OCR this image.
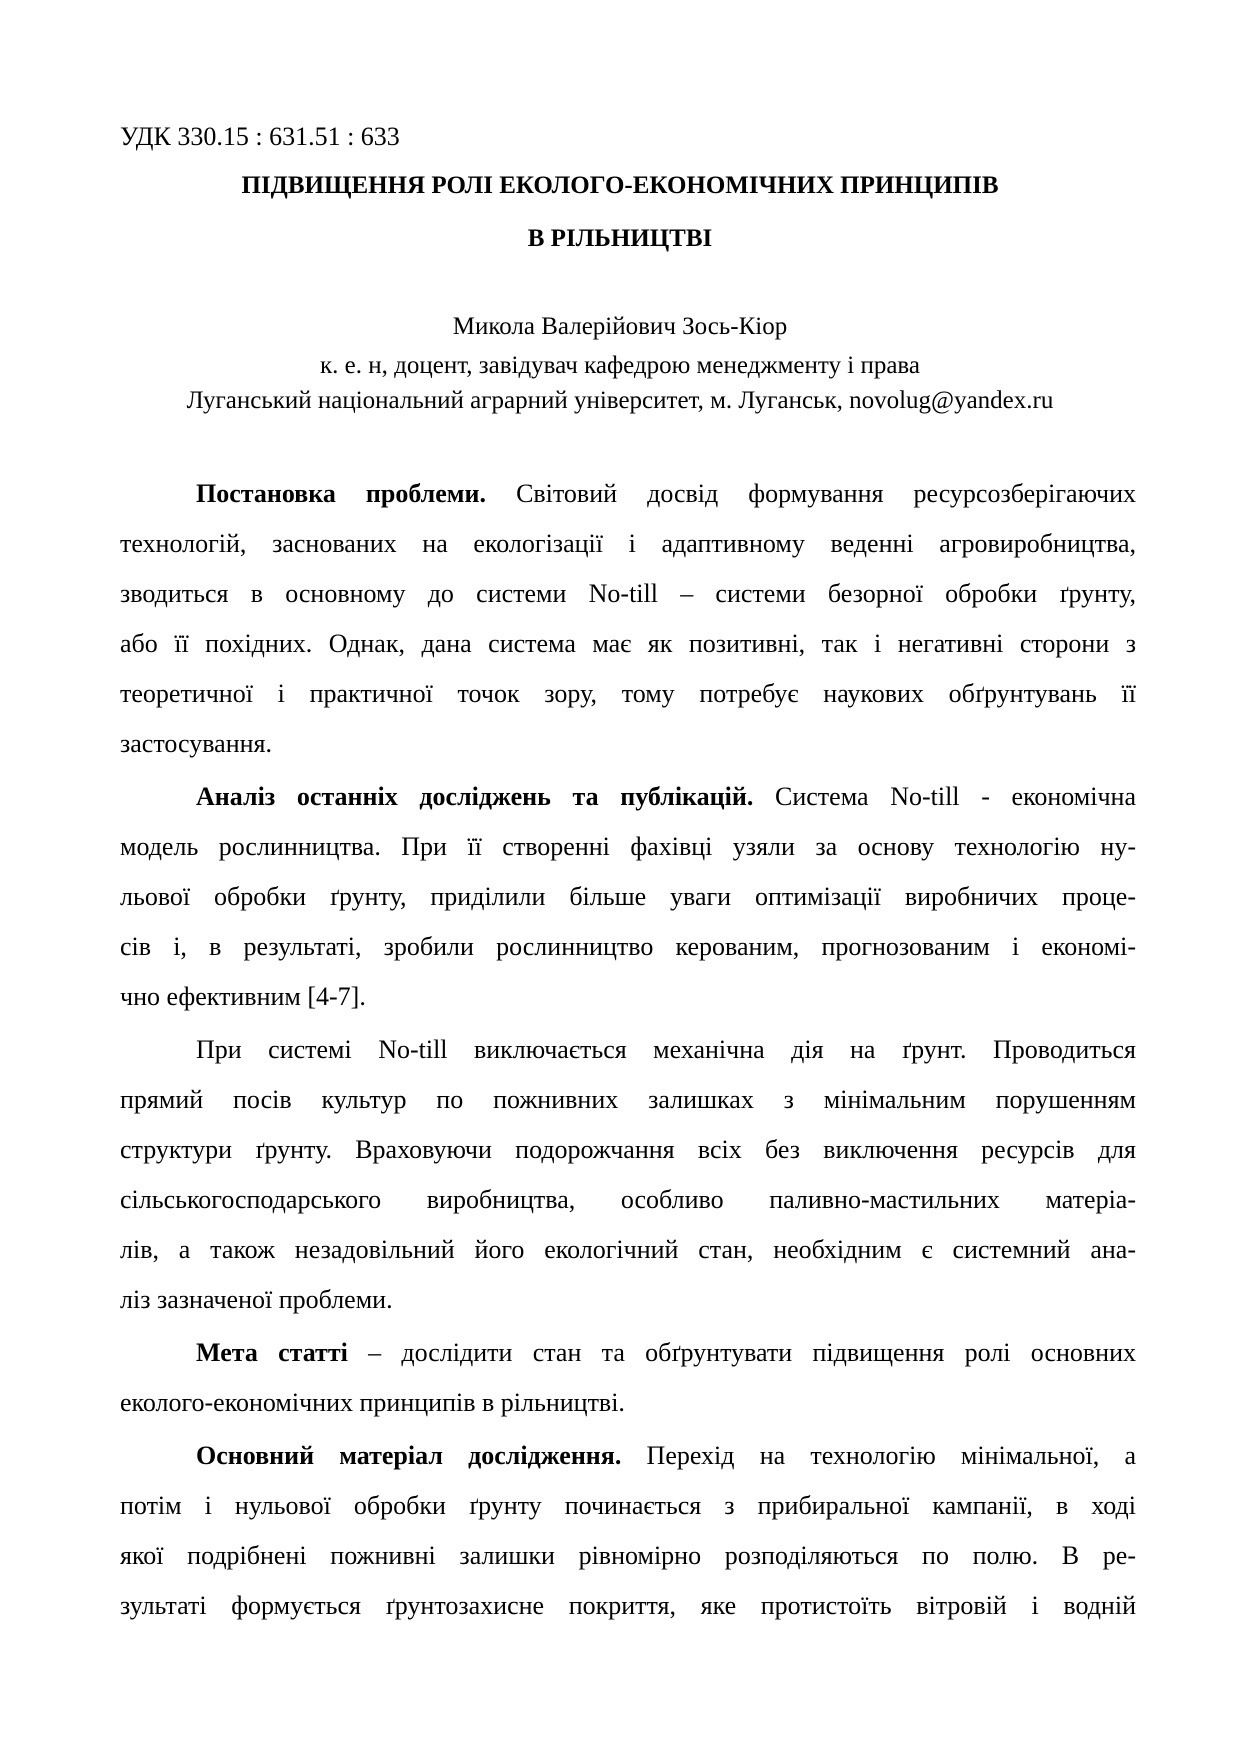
УДК 330.15 : 631.51 : 633
ПІДВИЩЕННЯ РОЛІ ЕКОЛОГО-ЕКОНОМІЧНИХ ПРИНЦИПІВ
В РІЛЬНИЦТВІ
Микола Валерійович Зось-Кіор
к. е. н, доцент, завідувач кафедрою менеджменту і права
Луганський національний аграрний університет, м. Луганськ, novolug@yandex.ru
Постановка проблеми. Світовий досвід формування ресурсозберігаючих
технологій, заснованих на екологізації і адаптивному веденні агровиробництва,
зводиться в основному до системи No-till – системи безорної обробки ґрунту,
або її похідних. Однак, дана система має як позитивні, так і негативні сторони з
теоретичної і практичної точок зору, тому потребує наукових обґрунтувань її
застосування.
Аналіз останніх досліджень та публікацій. Система No-till - економічна
модель рослинництва. При її створенні фахівці узяли за основу технологію ну-
льової обробки ґрунту, приділили більше уваги оптимізації виробничих проце-
сів і, в результаті, зробили рослинництво керованим, прогнозованим і економі-
чно ефективним [4-7].
При системі No-till виключається механічна дія на ґрунт. Проводиться
прямий посів культур по пожнивних залишках з мінімальним порушенням
структури ґрунту. Враховуючи подорожчання всіх без виключення ресурсів для
сільськогосподарського виробництва, особливо паливно-мастильних матеріа-
лів, а також незадовільний його екологічний стан, необхідним є системний ана-
ліз зазначеної проблеми.
Мета статті – дослідити стан та обґрунтувати підвищення ролі основних
еколого-економічних принципів в рільництві.
Основний матеріал дослідження. Перехід на технологію мінімальної, а
потім і нульової обробки ґрунту починається з прибиральної кампанії, в ході
якої подрібнені пожнивні залишки рівномірно розподіляються по полю. В ре-
зультаті формується ґрунтозахисне покриття, яке протистоїть вітровій і водній
